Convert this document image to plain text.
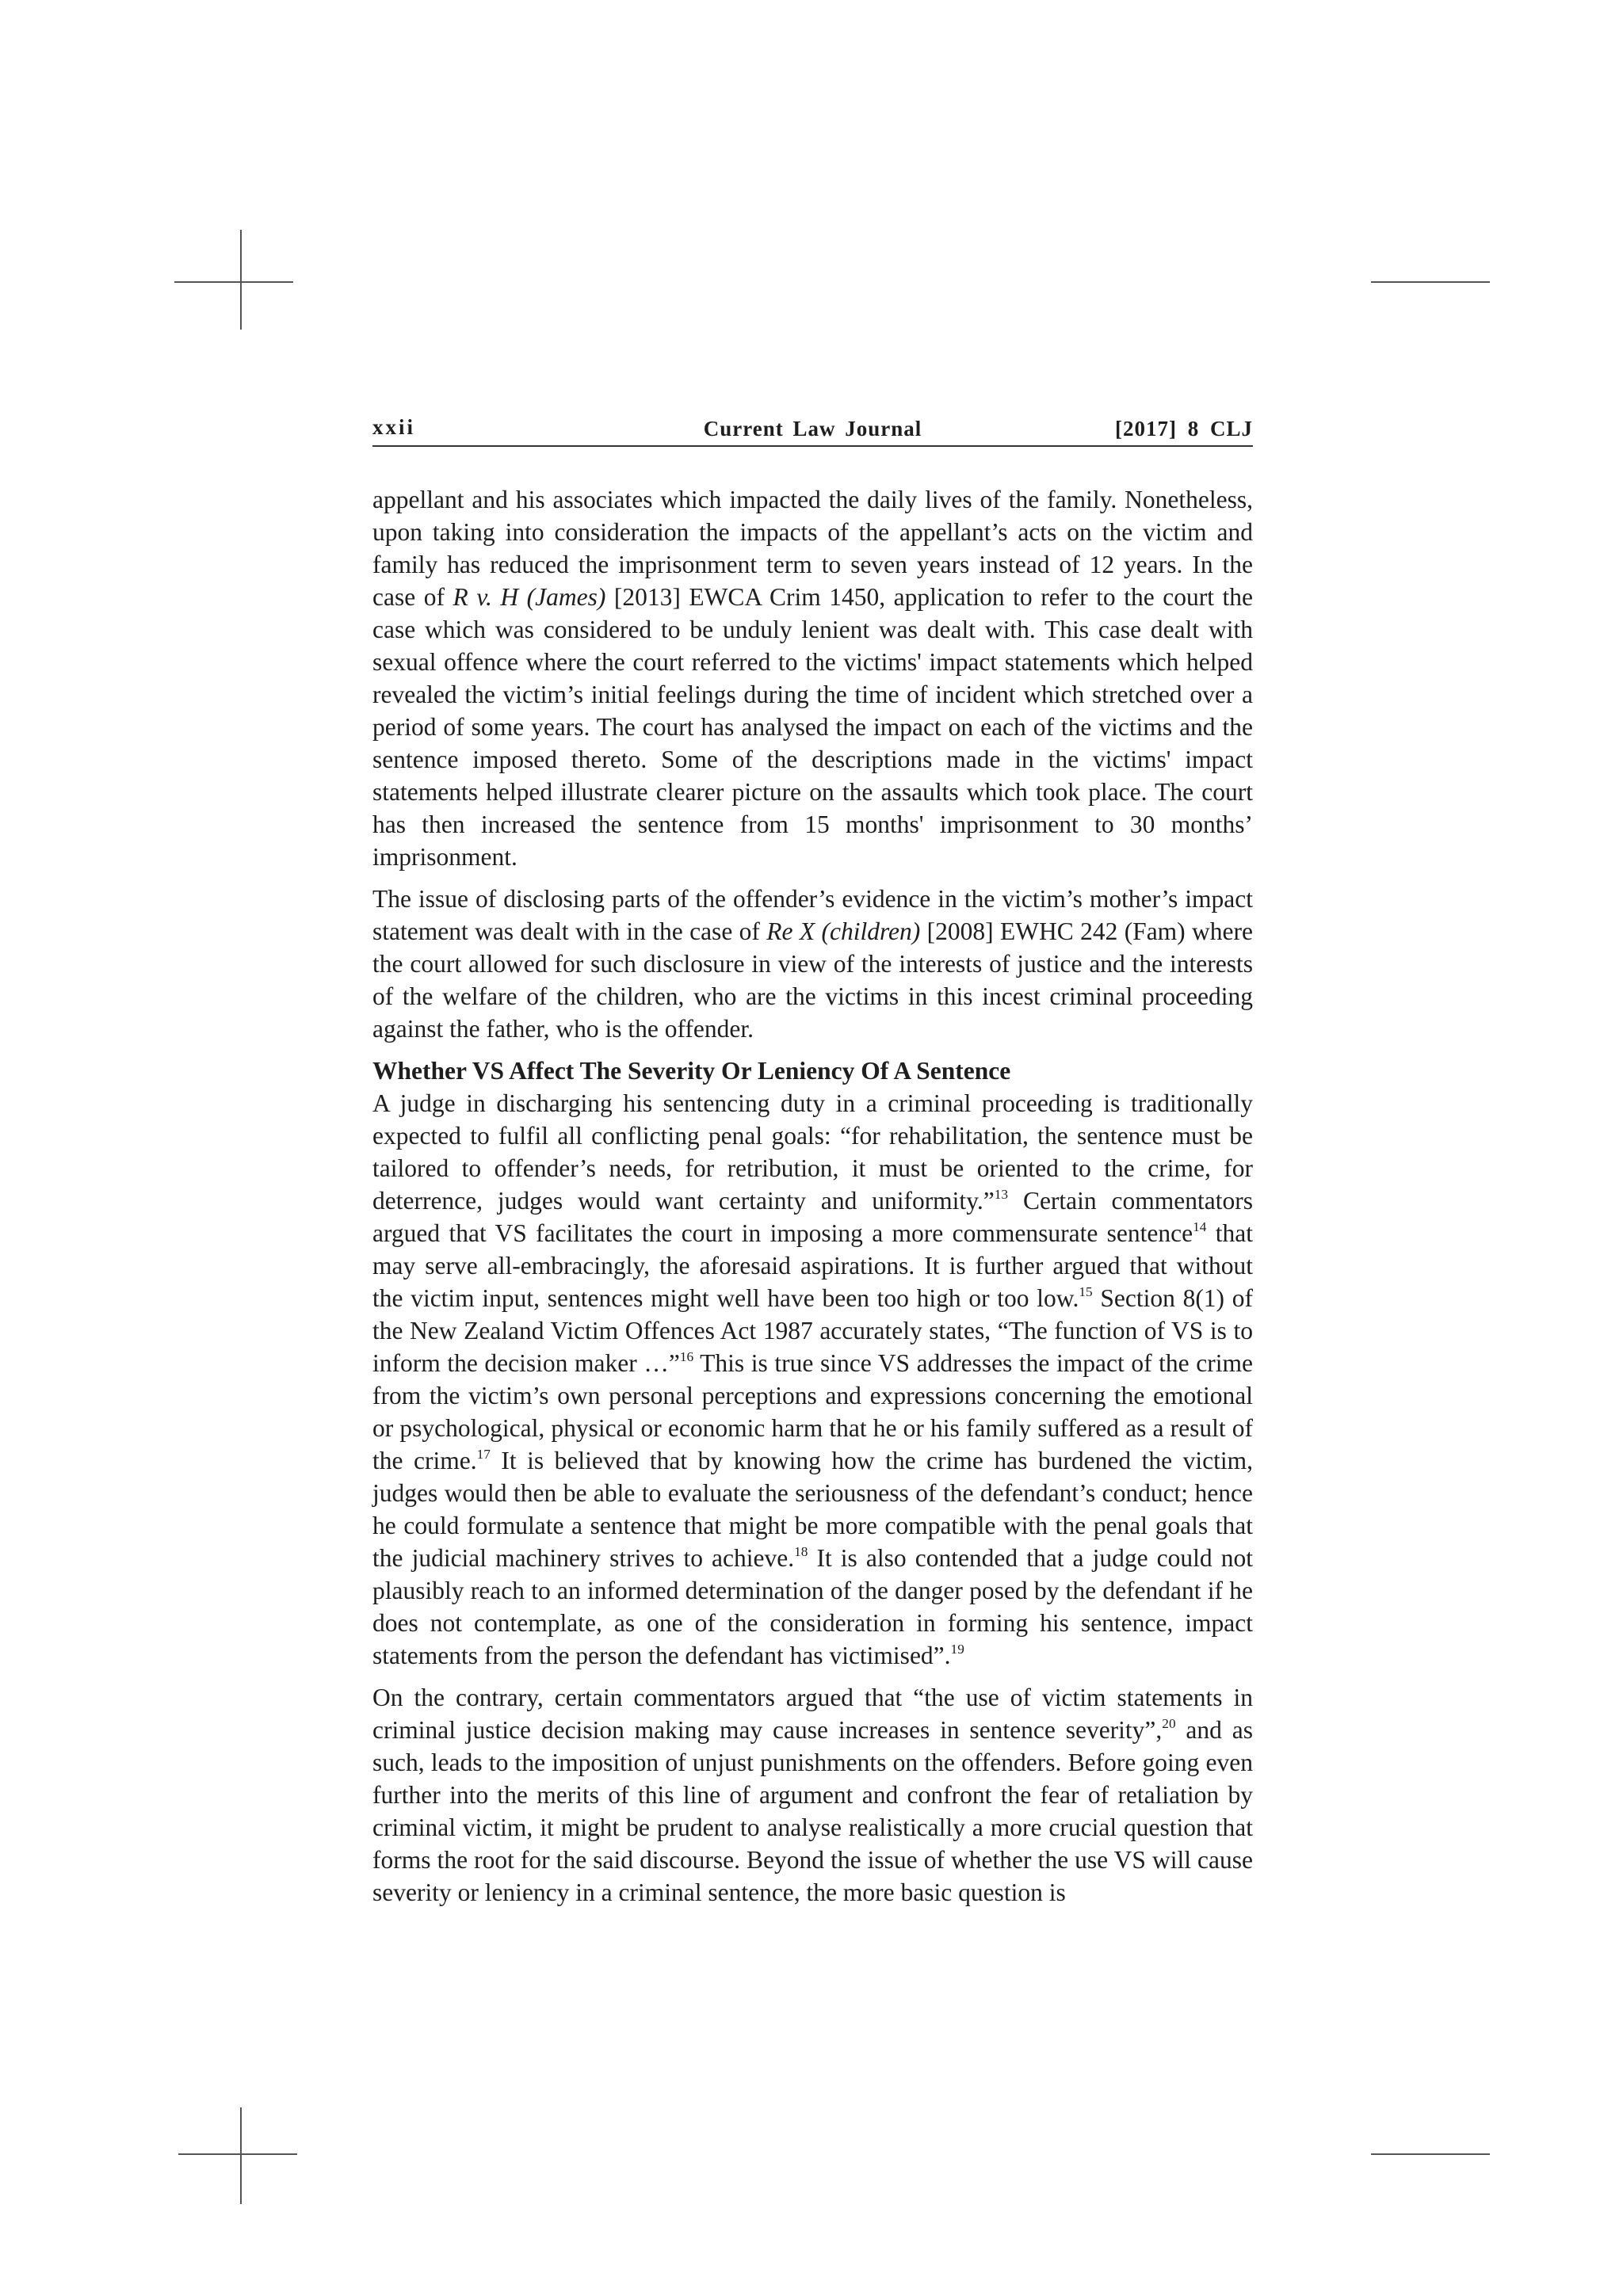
xxii	Current Law Journal	[2017] 8 CLJ

appellant and his associates which impacted the daily lives of the family. Nonetheless, upon taking into consideration the impacts of the appellant’s acts on the victim and family has reduced the imprisonment term to seven years instead of 12 years. In the case of R v. H (James) [2013] EWCA Crim 1450, application to refer to the court the case which was considered to be unduly lenient was dealt with. This case dealt with sexual offence where the court referred to the victims' impact statements which helped revealed the victim’s initial feelings during the time of incident which stretched over a period of some years. The court has analysed the impact on each of the victims and the sentence imposed thereto. Some of the descriptions made in the victims' impact statements helped illustrate clearer picture on the assaults which took place. The court has then increased the sentence from 15 months' imprisonment to 30 months’ imprisonment.

The issue of disclosing parts of the offender’s evidence in the victim’s mother’s impact statement was dealt with in the case of Re X (children) [2008] EWHC 242 (Fam) where the court allowed for such disclosure in view of the interests of justice and the interests of the welfare of the children, who are the victims in this incest criminal proceeding against the father, who is the offender.

Whether VS Affect The Severity Or Leniency Of A Sentence

A judge in discharging his sentencing duty in a criminal proceeding is traditionally expected to fulfil all conflicting penal goals: “for rehabilitation, the sentence must be tailored to offender’s needs, for retribution, it must be oriented to the crime, for deterrence, judges would want certainty and uniformity.”$^{13}$ Certain commentators argued that VS facilitates the court in imposing a more commensurate sentence$^{14}$ that may serve all-embracingly, the aforesaid aspirations. It is further argued that without the victim input, sentences might well have been too high or too low.$^{15}$ Section 8(1) of the New Zealand Victim Offences Act 1987 accurately states, “The function of VS is to inform the decision maker …”$^{16}$ This is true since VS addresses the impact of the crime from the victim’s own personal perceptions and expressions concerning the emotional or psychological, physical or economic harm that he or his family suffered as a result of the crime.$^{17}$ It is believed that by knowing how the crime has burdened the victim, judges would then be able to evaluate the seriousness of the defendant’s conduct; hence he could formulate a sentence that might be more compatible with the penal goals that the judicial machinery strives to achieve.$^{18}$ It is also contended that a judge could not plausibly reach to an informed determination of the danger posed by the defendant if he does not contemplate, as one of the consideration in forming his sentence, impact statements from the person the defendant has victimised”.$^{19}$

On the contrary, certain commentators argued that “the use of victim statements in criminal justice decision making may cause increases in sentence severity”,$^{20}$ and as such, leads to the imposition of unjust punishments on the offenders. Before going even further into the merits of this line of argument and confront the fear of retaliation by criminal victim, it might be prudent to analyse realistically a more crucial question that forms the root for the said discourse. Beyond the issue of whether the use VS will cause severity or leniency in a criminal sentence, the more basic question is
